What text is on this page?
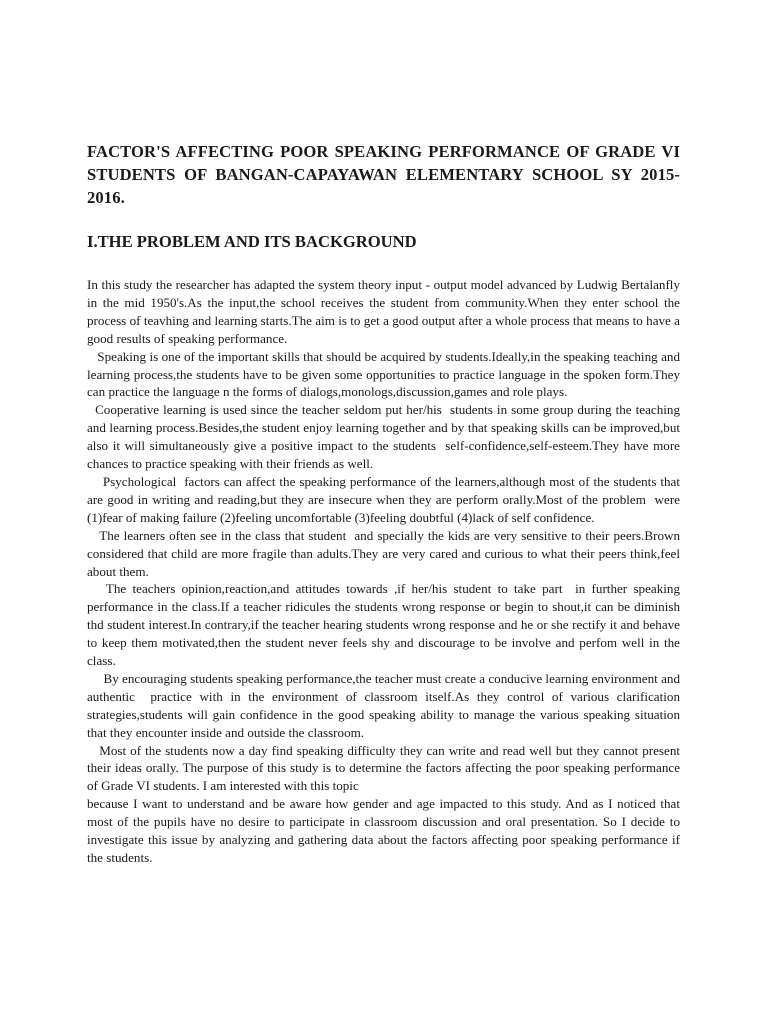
FACTOR'S AFFECTING POOR SPEAKING PERFORMANCE OF GRADE VI STUDENTS OF BANGAN-CAPAYAWAN ELEMENTARY SCHOOL SY 2015-2016.
I.THE PROBLEM AND ITS BACKGROUND

In this study the researcher has adapted the system theory input - output model advanced by Ludwig Bertalanfly in the mid 1950's.As the input,the school receives the student from community.When they enter school the process of teavhing and learning starts.The aim is to get a good output after a whole process that means to have a good results of speaking performance.

Speaking is one of the important skills that should be acquired by students.Ideally,in the speaking teaching and learning process,the students have to be given some opportunities to practice language in the spoken form.They can practice the language n the forms of dialogs,monologs,discussion,games and role plays.

Cooperative learning is used since the teacher seldom put her/his  students in some group during the teaching and learning process.Besides,the student enjoy learning together and by that speaking skills can be improved,but also it will simultaneously give a positive impact to the students  self-confidence,self-esteem.They have more chances to practice speaking with their friends as well.

Psychological  factors can affect the speaking performance of the learners,although most of the students that are good in writing and reading,but they are insecure when they are perform orally.Most of the problem  were (1)fear of making failure (2)feeling uncomfortable (3)feeling doubtful (4)lack of self confidence.

The learners often see in the class that student  and specially the kids are very sensitive to their peers.Brown considered that child are more fragile than adults.They are very cared and curious to what their peers think,feel about them.

The teachers opinion,reaction,and attitudes towards ,if her/his student to take part  in further speaking performance in the class.If a teacher ridicules the students wrong response or begin to shout,it can be diminish thd student interest.In contrary,if the teacher hearing students wrong response and he or she rectify it and behave to keep them motivated,then the student never feels shy and discourage to be involve and perfom well in the class.

By encouraging students speaking performance,the teacher must create a conducive learning environment and authentic  practice with in the environment of classroom itself.As they control of various clarification strategies,students will gain confidence in the good speaking ability to manage the various speaking situation that they encounter inside and outside the classroom.

Most of the students now a day find speaking difficulty they can write and read well but they cannot present their ideas orally. The purpose of this study is to determine the factors affecting the poor speaking performance of Grade VI students. I am interested with this topic

because I want to understand and be aware how gender and age impacted to this study. And as I noticed that most of the pupils have no desire to participate in classroom discussion and oral presentation. So I decide to investigate this issue by analyzing and gathering data about the factors affecting poor speaking performance if the students.
